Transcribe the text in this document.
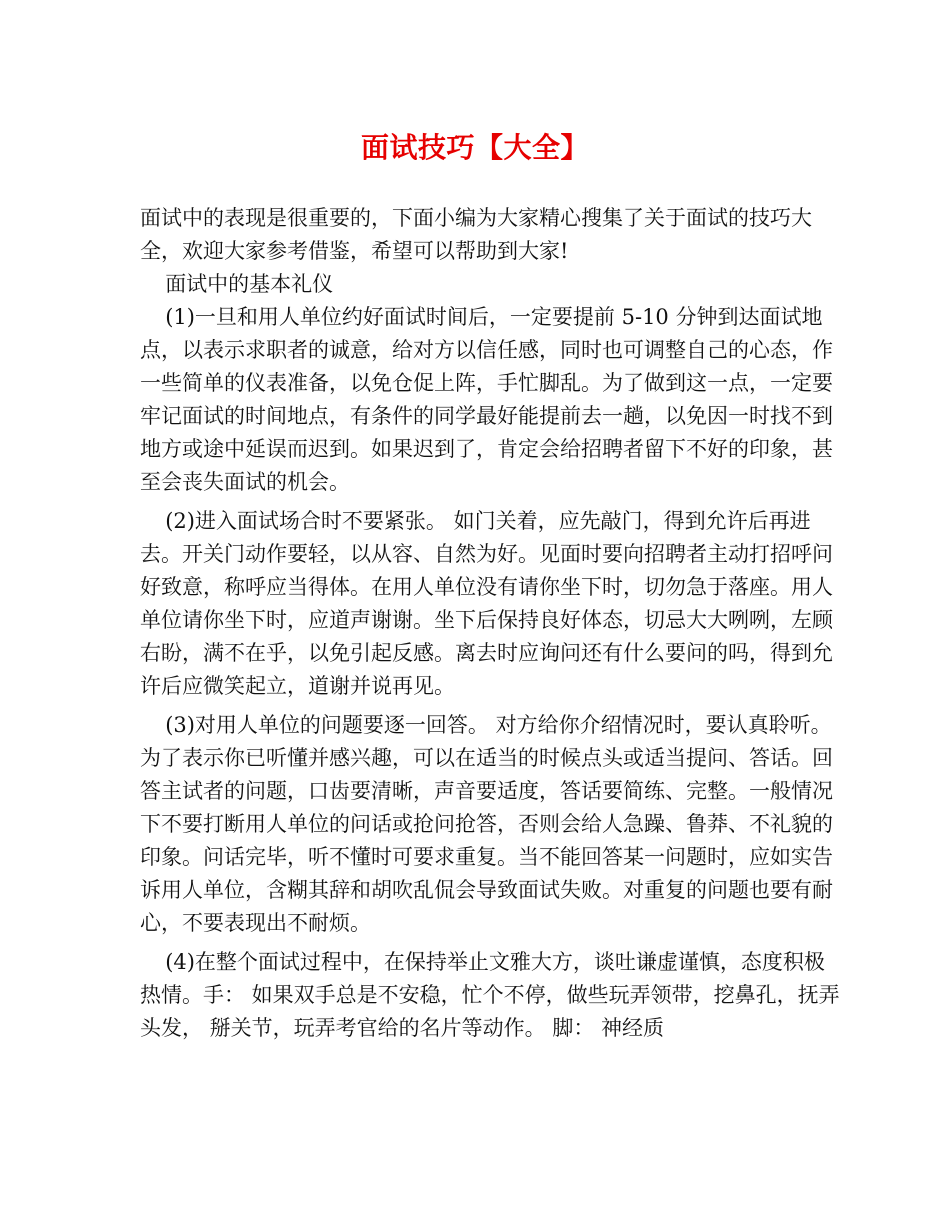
面试技巧【大全】

面试中的表现是很重要的，下面小编为大家精心搜集了关于面试的技巧大全，欢迎大家参考借鉴，希望可以帮助到大家!

面试中的基本礼仪

(1)一旦和用人单位约好面试时间后，一定要提前 5-10 分钟到达面试地点，以表示求职者的诚意，给对方以信任感，同时也可调整自己的心态，作一些简单的仪表准备，以免仓促上阵，手忙脚乱。为了做到这一点，一定要牢记面试的时间地点，有条件的同学最好能提前去一趟，以免因一时找不到地方或途中延误而迟到。如果迟到了，肯定会给招聘者留下不好的印象，甚至会丧失面试的机会。

(2)进入面试场合时不要紧张。 如门关着，应先敲门，得到允许后再进去。开关门动作要轻，以从容、自然为好。见面时要向招聘者主动打招呼问好致意，称呼应当得体。在用人单位没有请你坐下时，切勿急于落座。用人单位请你坐下时，应道声谢谢。坐下后保持良好体态，切忌大大咧咧，左顾右盼，满不在乎，以免引起反感。离去时应询问还有什么要问的吗，得到允许后应微笑起立，道谢并说再见。

(3)对用人单位的问题要逐一回答。 对方给你介绍情况时，要认真聆听。为了表示你已听懂并感兴趣，可以在适当的时候点头或适当提问、答话。回答主试者的问题，口齿要清晰，声音要适度，答话要简练、完整。一般情况下不要打断用人单位的问话或抢问抢答，否则会给人急躁、鲁莽、不礼貌的印象。问话完毕，听不懂时可要求重复。当不能回答某一问题时，应如实告诉用人单位，含糊其辞和胡吹乱侃会导致面试失败。对重复的问题也要有耐心，不要表现出不耐烦。

(4)在整个面试过程中，在保持举止文雅大方，谈吐谦虚谨慎，态度积极热情。手： 如果双手总是不安稳，忙个不停，做些玩弄领带，挖鼻孔，抚弄头发， 掰关节，玩弄考官给的名片等动作。 脚： 神经质
